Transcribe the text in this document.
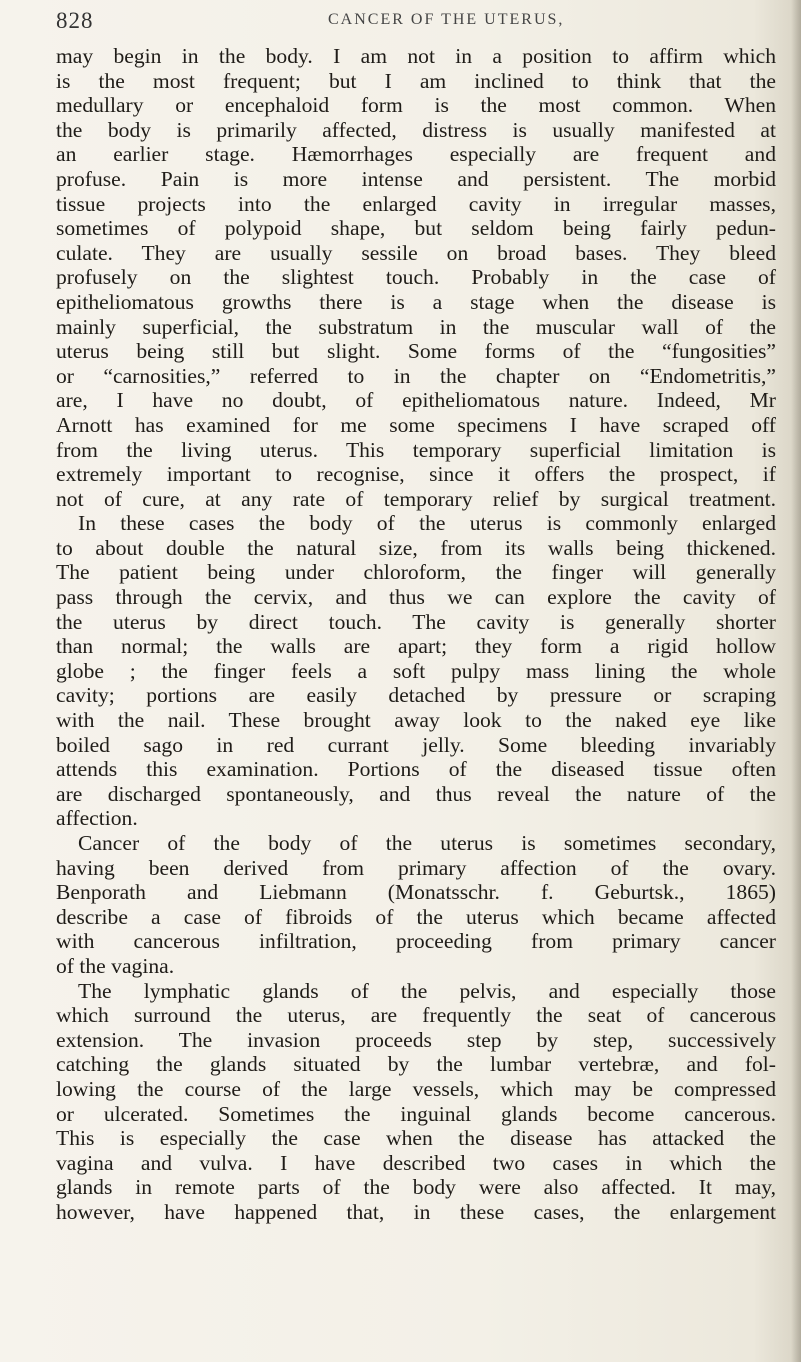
828	CANCER OF THE UTERUS,
may begin in the body. I am not in a position to affirm which
is the most frequent; but I am inclined to think that the
medullary or encephaloid form is the most common. When
the body is primarily affected, distress is usually manifested at
an earlier stage. Hæmorrhages especially are frequent and
profuse. Pain is more intense and persistent. The morbid
tissue projects into the enlarged cavity in irregular masses,
sometimes of polypoid shape, but seldom being fairly pedun-
culate. They are usually sessile on broad bases. They bleed
profusely on the slightest touch. Probably in the case of
epitheliomatous growths there is a stage when the disease is
mainly superficial, the substratum in the muscular wall of the
uterus being still but slight. Some forms of the “fungosities”
or “carnosities,” referred to in the chapter on “Endometritis,”
are, I have no doubt, of epitheliomatous nature. Indeed, Mr
Arnott has examined for me some specimens I have scraped off
from the living uterus. This temporary superficial limitation is
extremely important to recognise, since it offers the prospect, if
not of cure, at any rate of temporary relief by surgical treatment.
In these cases the body of the uterus is commonly enlarged
to about double the natural size, from its walls being thickened.
The patient being under chloroform, the finger will generally
pass through the cervix, and thus we can explore the cavity of
the uterus by direct touch. The cavity is generally shorter
than normal; the walls are apart; they form a rigid hollow
globe ; the finger feels a soft pulpy mass lining the whole
cavity; portions are easily detached by pressure or scraping
with the nail. These brought away look to the naked eye like
boiled sago in red currant jelly. Some bleeding invariably
attends this examination. Portions of the diseased tissue often
are discharged spontaneously, and thus reveal the nature of the
affection.
Cancer of the body of the uterus is sometimes secondary,
having been derived from primary affection of the ovary.
Benporath and Liebmann (Monatsschr. f. Geburtsk., 1865)
describe a case of fibroids of the uterus which became affected
with cancerous infiltration, proceeding from primary cancer
of the vagina.
The lymphatic glands of the pelvis, and especially those
which surround the uterus, are frequently the seat of cancerous
extension. The invasion proceeds step by step, successively
catching the glands situated by the lumbar vertebræ, and fol-
lowing the course of the large vessels, which may be compressed
or ulcerated. Sometimes the inguinal glands become cancerous.
This is especially the case when the disease has attacked the
vagina and vulva. I have described two cases in which the
glands in remote parts of the body were also affected. It may,
however, have happened that, in these cases, the enlargement
